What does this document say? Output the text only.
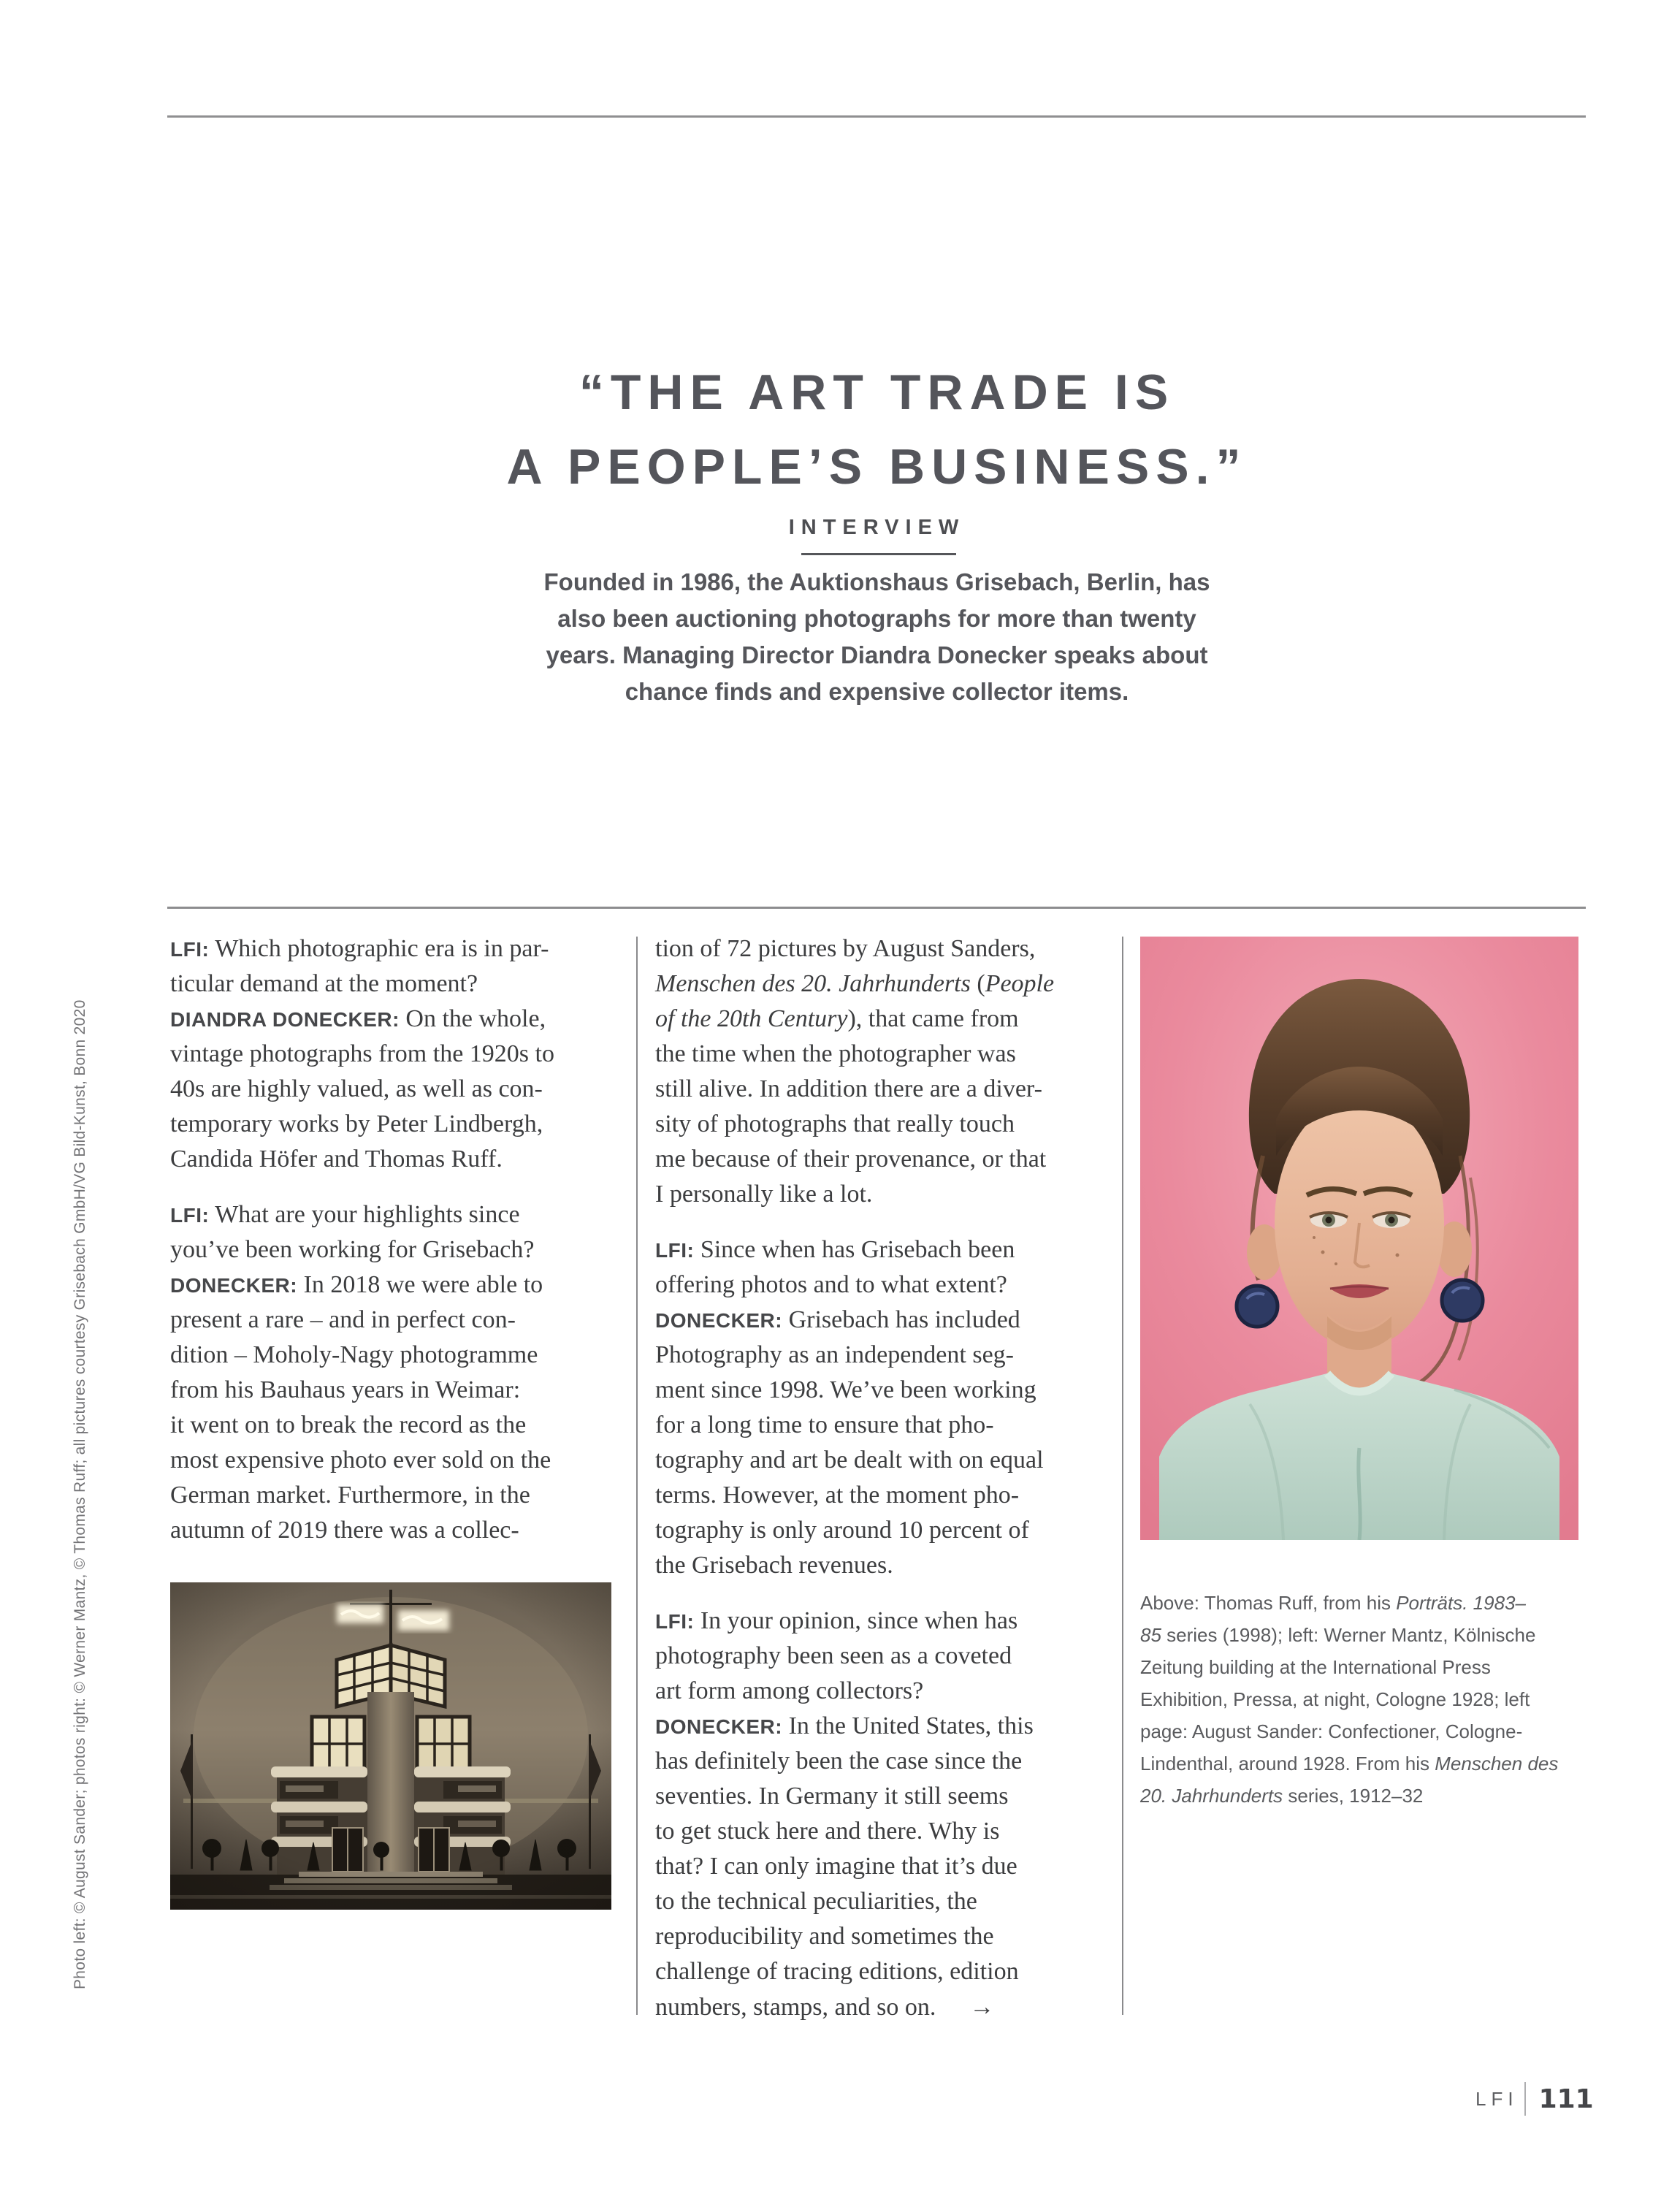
“THE ART TRADE IS
A PEOPLE’S BUSINESS.”
INTERVIEW
Founded in 1986, the Auktionshaus Grisebach, Berlin, has
also been auctioning photographs for more than twenty
years. Managing Director Diandra Donecker speaks about
chance finds and expensive collector items.
Photo left: © August Sander; photos right: © Werner Mantz, © Thomas Ruff; all pictures courtesy Grisebach GmbH/VG Bild-Kunst, Bonn 2020
LFI: Which photographic era is in par-
ticular demand at the moment?
DIANDRA DONECKER: On the whole,
vintage photographs from the 1920s to
40s are highly valued, as well as con-
temporary works by Peter Lindbergh,
Candida Höfer and Thomas Ruff.
LFI: What are your highlights since
you’ve been working for Grisebach?
DONECKER: In 2018 we were able to
present a rare – and in perfect con-
dition – Moholy-Nagy photogramme
from his Bauhaus years in Weimar:
it went on to break the record as the
most expensive photo ever sold on the
German market. Furthermore, in the
autumn of 2019 there was a collec-
tion of 72 pictures by August Sanders,
Menschen des 20. Jahrhunderts ( People
of the 20th Century ), that came from
the time when the photographer was
still alive. In addition there are a diver-
sity of photographs that really touch
me because of their provenance, or that
I personally like a lot.
LFI: Since when has Grisebach been
offering photos and to what extent?
DONECKER: Grisebach has included
Photography as an independent seg-
ment since 1998. We’ve been working
for a long time to ensure that pho-
tography and art be dealt with on equal
terms. However, at the moment pho-
tography is only around 10 percent of
the Grisebach revenues.
LFI: In your opinion, since when has
photography been seen as a coveted
art form among collectors?
DONECKER: In the United States, this
has definitely been the case since the
seventies. In Germany it still seems
to get stuck here and there. Why is
that? I can only imagine that it’s due
to the technical peculiarities, the
reproducibility and sometimes the
challenge of tracing editions, edition
numbers, stamps, and so on. →
Above: Thomas Ruff, from his Porträts. 1983–
85 series (1998); left: Werner Mantz, Kölnische
Zeitung building at the International Press
Exhibition, Pressa, at night, Cologne 1928; left
page: August Sander: Confectioner, Cologne-
Lindenthal, around 1928. From his Menschen des
20. Jahrhunderts series, 1912–32
LFI 111
